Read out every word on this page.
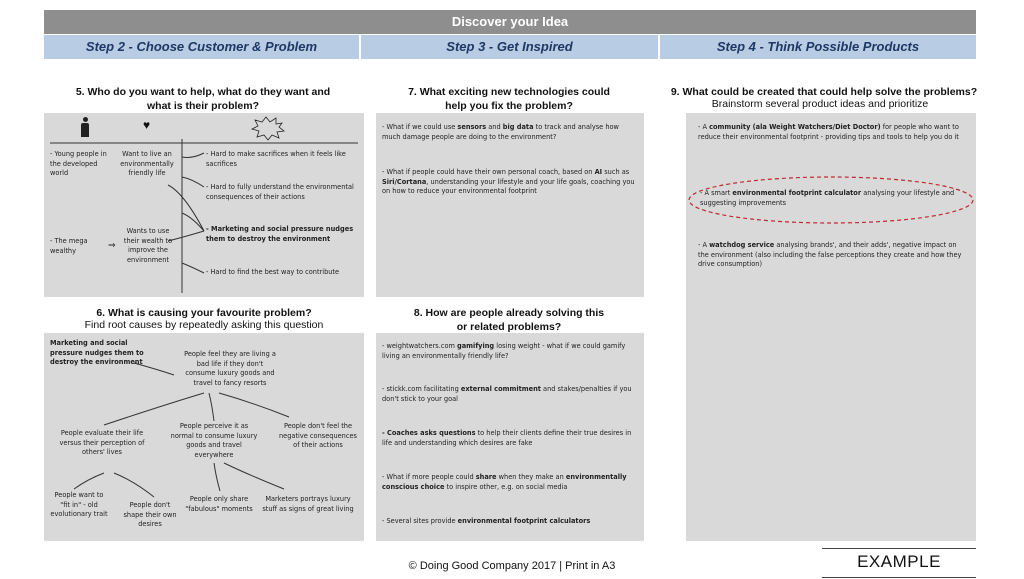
Discover your Idea
Step 2 - Choose Customer & Problem	Step 3 - Get Inspired	Step 4 - Think Possible Products
5. Who do you want to help, what do they want and
what is their problem?
♥
- Young people in the developed world
Want to live an environmentally friendly life
- The mega wealthy	⇒
Wants to use their wealth to improve the environment
- Hard to make sacrifices when it feels like sacrifices
- Hard to fully understand the environmental consequences of their actions
- Marketing and social pressure nudges them to destroy the environment
- Hard to find the best way to contribute
6. What is causing your favourite problem?
Find root causes by repeatedly asking this question
Marketing and social pressure nudges them to destroy the environment
People feel they are living a bad life if they don't consume luxury goods and travel to fancy resorts
People evaluate their life versus their perception of others' lives
People perceive it as normal to consume luxury goods and travel everywhere
People don't feel the negative consequences of their actions
People want to "fit in" - old evolutionary trait
People don't shape their own desires
People only share "fabulous" moments
Marketers portrays luxury stuff as signs of great living
7. What exciting new technologies could
help you fix the problem?
- What if we could use sensors and big data to track and analyse how much damage people are doing to the environment?
- What if people could have their own personal coach, based on AI such as Siri/Cortana, understanding your lifestyle and your life goals, coaching you on how to reduce your environmental footprint
8. How are people already solving this
or related problems?
- weightwatchers.com gamifying losing weight - what if we could gamify living an environmentally friendly life?
- stickk.com facilitating external commitment and stakes/penalties if you don't stick to your goal
- Coaches asks questions to help their clients define their true desires in life and understanding which desires are fake
- What if more people could share when they make an environmentally conscious choice to inspire other, e.g. on social media
- Several sites provide environmental footprint calculators
9. What could be created that could help solve the problems?
Brainstorm several product ideas and prioritize
- A community (ala Weight Watchers/Diet Doctor) for people who want to reduce their environmental footprint - providing tips and tools to help you do it
- A smart environmental footprint calculator analysing your lifestyle and suggesting improvements
- A watchdog service analysing brands', and their adds', negative impact on the environment (also including the false perceptions they create and how they drive consumption)
© Doing Good Company 2017 | Print in A3	EXAMPLE
